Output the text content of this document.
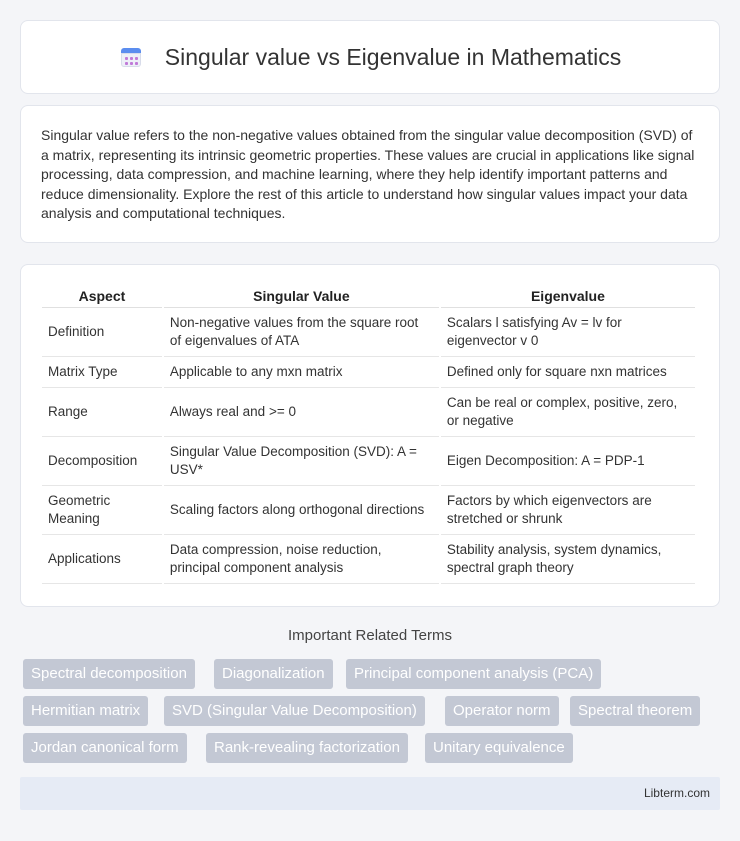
Singular value vs Eigenvalue in Mathematics

Singular value refers to the non-negative values obtained from the singular value decomposition (SVD) of a matrix, representing its intrinsic geometric properties. These values are crucial in applications like signal processing, data compression, and machine learning, where they help identify important patterns and reduce dimensionality. Explore the rest of this article to understand how singular values impact your data analysis and computational techniques.

Aspect	Singular Value	Eigenvalue
Definition	Non-negative values from the square root of eigenvalues of ATA	Scalars l satisfying Av = lv for eigenvector v 0
Matrix Type	Applicable to any mxn matrix	Defined only for square nxn matrices
Range	Always real and >= 0	Can be real or complex, positive, zero, or negative
Decomposition	Singular Value Decomposition (SVD): A = USV*	Eigen Decomposition: A = PDP-1
Geometric Meaning	Scaling factors along orthogonal directions	Factors by which eigenvectors are stretched or shrunk
Applications	Data compression, noise reduction, principal component analysis	Stability analysis, system dynamics, spectral graph theory
Important Related Terms
Spectral decomposition	Diagonalization	Principal component analysis (PCA)
Hermitian matrix	SVD (Singular Value Decomposition)	Operator norm	Spectral theorem
Jordan canonical form	Rank-revealing factorization	Unitary equivalence
Libterm.com
